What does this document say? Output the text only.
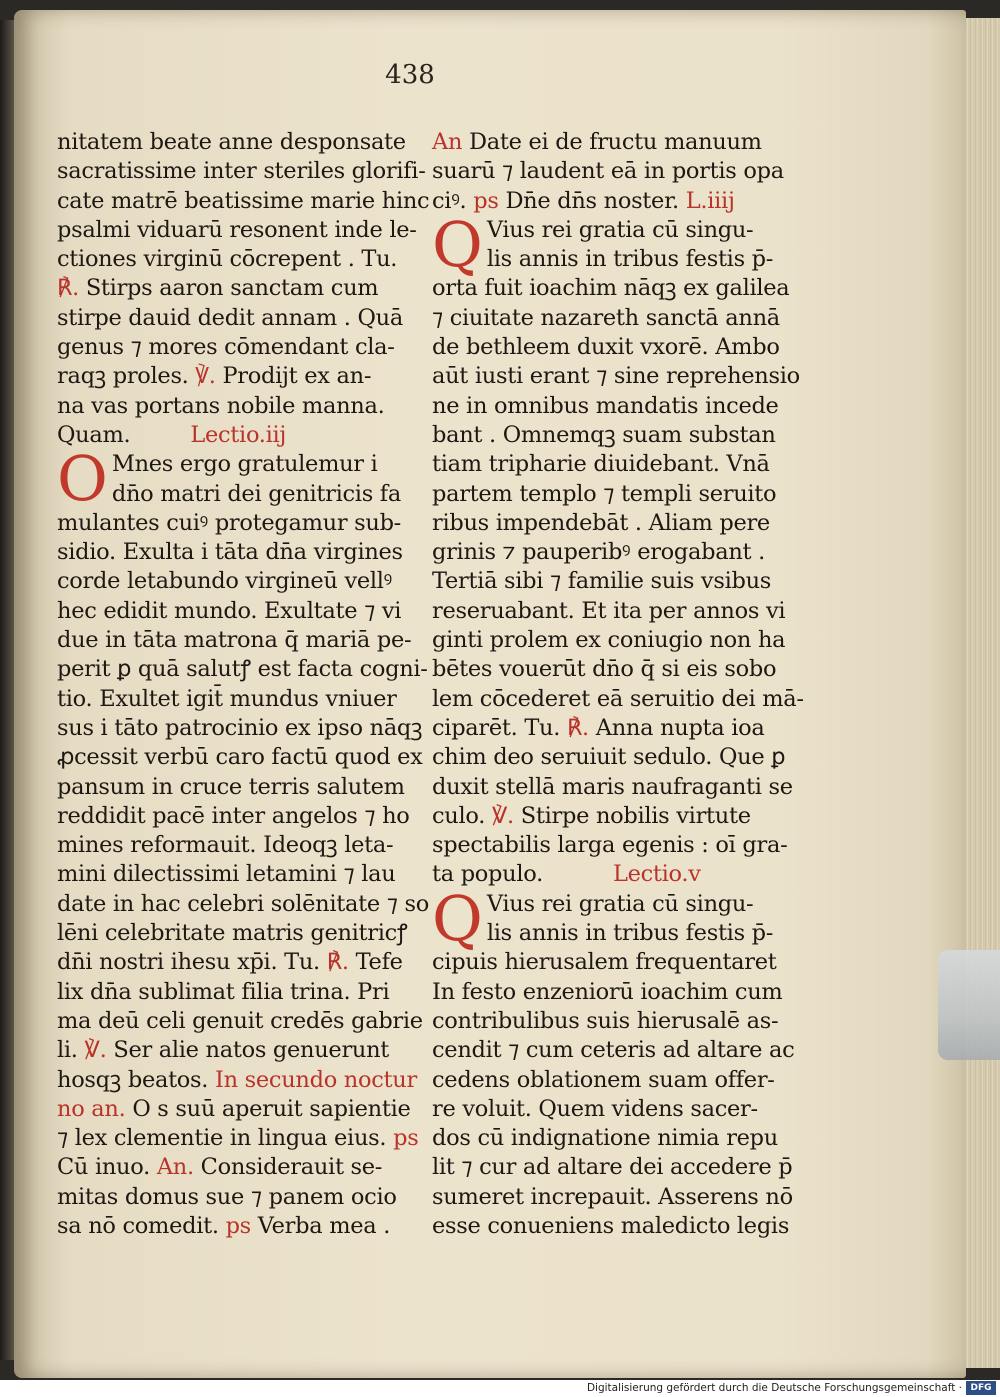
438
nitatem beate anne desponsate
sacratissime inter steriles glorifi-
cate matrē beatissime marie hinc
psalmi viduarū resonent inde le-
ctiones virginū cōcrepent . Tu.
℟. Stirps aaron sanctam cum
stirpe dauid dedit annam . Quā
genus ⁊ mores cōmendant cla-
raqꝫ proles. ℣. Prodijt ex an-
na vas portans nobile manna.
Quam.	Lectio.iij
O Mnes ergo gratulemur i
dn̄o matri dei genitricis fa
mulantes cuiꝰ protegamur sub-
sidio. Exulta i tāta dn̄a virgines
corde letabundo virgineū vellꝰ
hec edidit mundo. Exultate ⁊ vi
due in tāta matrona q̄ mariā pe-
perit ꝑ quā salutꝭ est facta cogni-
tio. Exultet igit̄ mundus vniuer
sus i tāto patrocinio ex ipso nāqꝫ
ꝓcessit verbū caro factū quod ex
pansum in cruce terris salutem
reddidit pacē inter angelos ⁊ ho
mines reformauit. Ideoqꝫ leta-
mini dilectissimi letamini ⁊ lau
date in hac celebri solēnitate ⁊ so
lēni celebritate matris genitricꝭ
dn̄i nostri ihesu xp̄i. Tu. ℟. Tefe
lix dn̄a sublimat filia trina. Pri
ma deū celi genuit credēs gabrie
li. ℣. Ser alie natos genuerunt
hosqꝫ beatos. In secundo noctur
no an. O s suū aperuit sapientie
⁊ lex clementie in lingua eius. ps
Cū inuo. An. Considerauit se-
mitas domus sue ⁊ panem ocio
sa nō comedit. ps Verba mea .
An Date ei de fructu manuum
suarū ⁊ laudent eā in portis opa
ciꝰ. ps Dn̄e dn̄s noster. L.iiij
Q Vius rei gratia cū singu-
lis annis in tribus festis p̄-
orta fuit ioachim nāqꝫ ex galilea
⁊ ciuitate nazareth sanctā annā
de bethleem duxit vxorē. Ambo
aūt iusti erant ⁊ sine reprehensio
ne in omnibus mandatis incede
bant . Omnemqꝫ suam substan
tiam triphariе diuidebant. Vnā
partem templo ⁊ templi seruito
ribus impendebāt . Aliam pere
grinis ⁊ pauperibꝰ erogabant .
Tertiā sibi ⁊ familie suis vsibus
reseruabant. Et ita per annos vi
ginti prolem ex coniugio non ha
bētes vouerūt dn̄o q̄ si eis sobo
lem cōcederet eā seruitio dei mā-
ciparēt. Tu. ℟. Anna nupta ioa
chim deo seruiuit sedulo. Que ꝑ
duxit stellā maris naufraganti se
culo. ℣. Stirpe nobilis virtute
spectabilis larga egenis : oī gra-
ta populo.	Lectio.v
Q Vius rei gratia cū singu-
lis annis in tribus festis p̄-
cipuis hierusalem frequentaret
In festo enzeniorū ioachim cum
contribulibus suis hierusalē as-
cendit ⁊ cum ceteris ad altare ac
cedens oblationem suam offer-
re voluit. Quem videns sacer-
dos cū indignatione nimia repu
lit ⁊ cur ad altare dei accedere p̄
sumeret increpauit. Asserens nō
esse conueniens maledicto legis
Digitalisierung gefördert durch die Deutsche Forschungsgemeinschaft · DFG
